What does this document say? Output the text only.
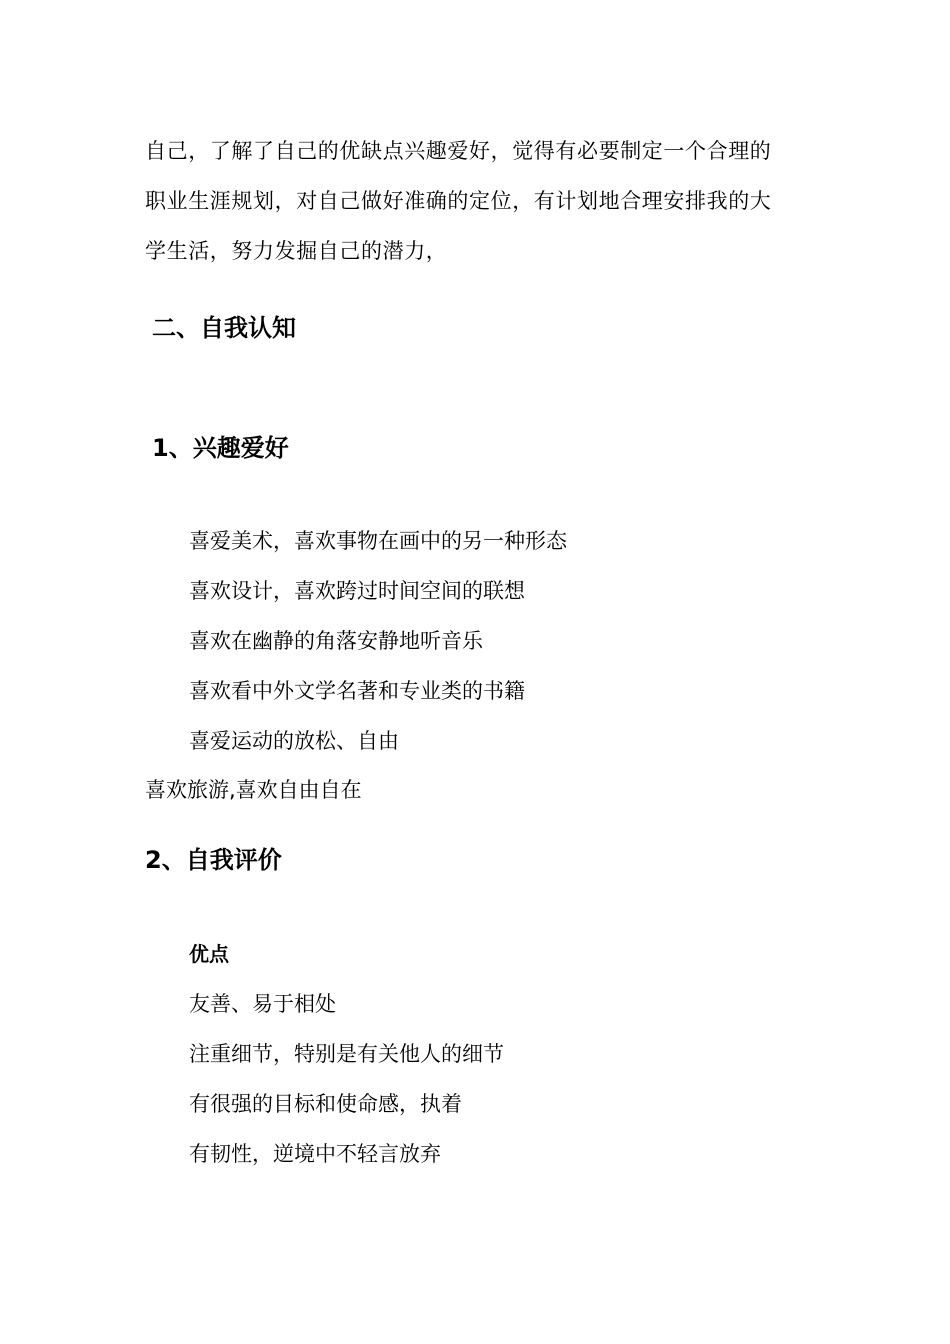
自己，了解了自己的优缺点兴趣爱好，觉得有必要制定一个合理的

职业生涯规划，对自己做好准确的定位，有计划地合理安排我的大

学生活，努力发掘自己的潜力，

二、自我认知
1、兴趣爱好

喜爱美术，喜欢事物在画中的另一种形态

喜欢设计，喜欢跨过时间空间的联想

喜欢在幽静的角落安静地听音乐

喜欢看中外文学名著和专业类的书籍

喜爱运动的放松、自由

喜欢旅游,喜欢自由自在

2、自我评价

优点

友善、易于相处

注重细节，特别是有关他人的细节

有很强的目标和使命感，执着

有韧性，逆境中不轻言放弃
